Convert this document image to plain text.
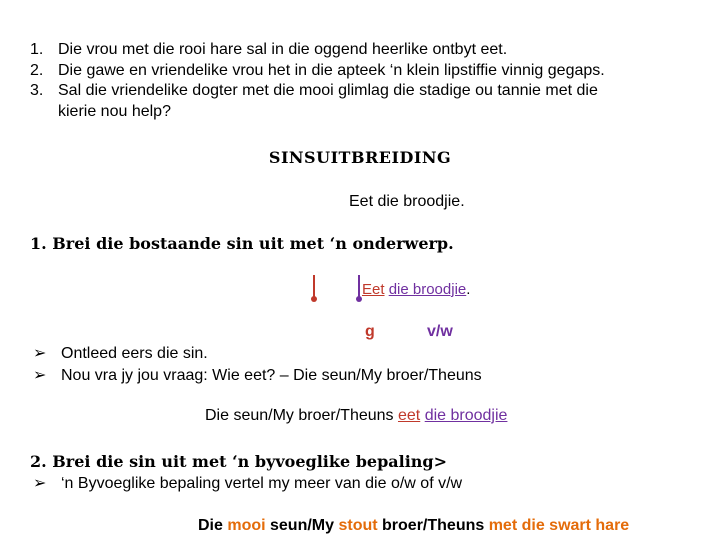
1. Die vrou met die rooi hare sal in die oggend heerlike ontbyt eet.
2. Die gawe en vriendelike vrou het in die apteek ‘n klein lipstiffie vinnig gegaps.
3. Sal die vriendelike dogter met die mooi glimlag die stadige ou tannie met die
kierie nou help?
SINSUITBREIDING
Eet die broodjie.
1. Brei die bostaande sin uit met ‘n onderwerp.
Eet die broodjie.
g	v/w
➢ Ontleed eers die sin.
➢ Nou vra jy jou vraag: Wie eet? – Die seun/My broer/Theuns
Die seun/My broer/Theuns eet die broodjie
2. Brei die sin uit met ‘n byvoeglike bepaling>
➢ ‘n Byvoeglike bepaling vertel my meer van die o/w of v/w
Die mooi seun/My stout broer/Theuns met die swart hare
